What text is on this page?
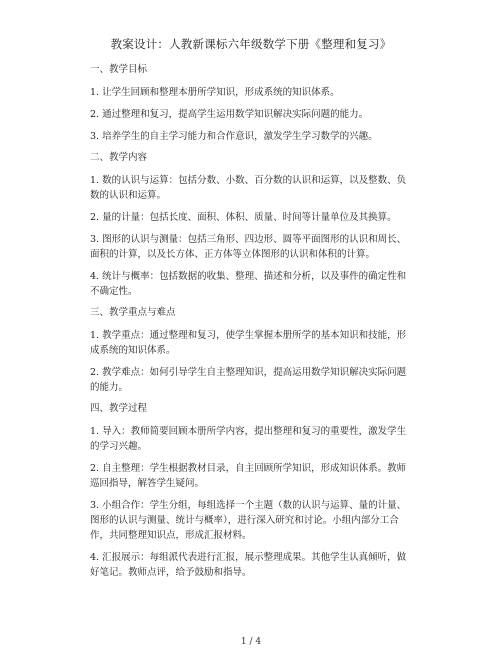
教案设计：人教新课标六年级数学下册《整理和复习》
一、教学目标
1. 让学生回顾和整理本册所学知识，形成系统的知识体系。
2. 通过整理和复习，提高学生运用数学知识解决实际问题的能力。
3. 培养学生的自主学习能力和合作意识，激发学生学习数学的兴趣。
二、教学内容
1. 数的认识与运算：包括分数、小数、百分数的认识和运算，以及整数、负数的认识和运算。
2. 量的计量：包括长度、面积、体积、质量、时间等计量单位及其换算。
3. 图形的认识与测量：包括三角形、四边形、圆等平面图形的认识和周长、面积的计算，以及长方体、正方体等立体图形的认识和体积的计算。
4. 统计与概率：包括数据的收集、整理、描述和分析，以及事件的确定性和不确定性。
三、教学重点与难点
1. 教学重点：通过整理和复习，使学生掌握本册所学的基本知识和技能，形成系统的知识体系。
2. 教学难点：如何引导学生自主整理知识，提高运用数学知识解决实际问题的能力。
四、教学过程
1. 导入：教师简要回顾本册所学内容，提出整理和复习的重要性，激发学生的学习兴趣。
2. 自主整理：学生根据教材目录，自主回顾所学知识，形成知识体系。教师巡回指导，解答学生疑问。
3. 小组合作：学生分组，每组选择一个主题（数的认识与运算、量的计量、图形的认识与测量、统计与概率），进行深入研究和讨论。小组内部分工合作，共同整理知识点，形成汇报材料。
4. 汇报展示：每组派代表进行汇报，展示整理成果。其他学生认真倾听，做好笔记。教师点评，给予鼓励和指导。
1 / 4
